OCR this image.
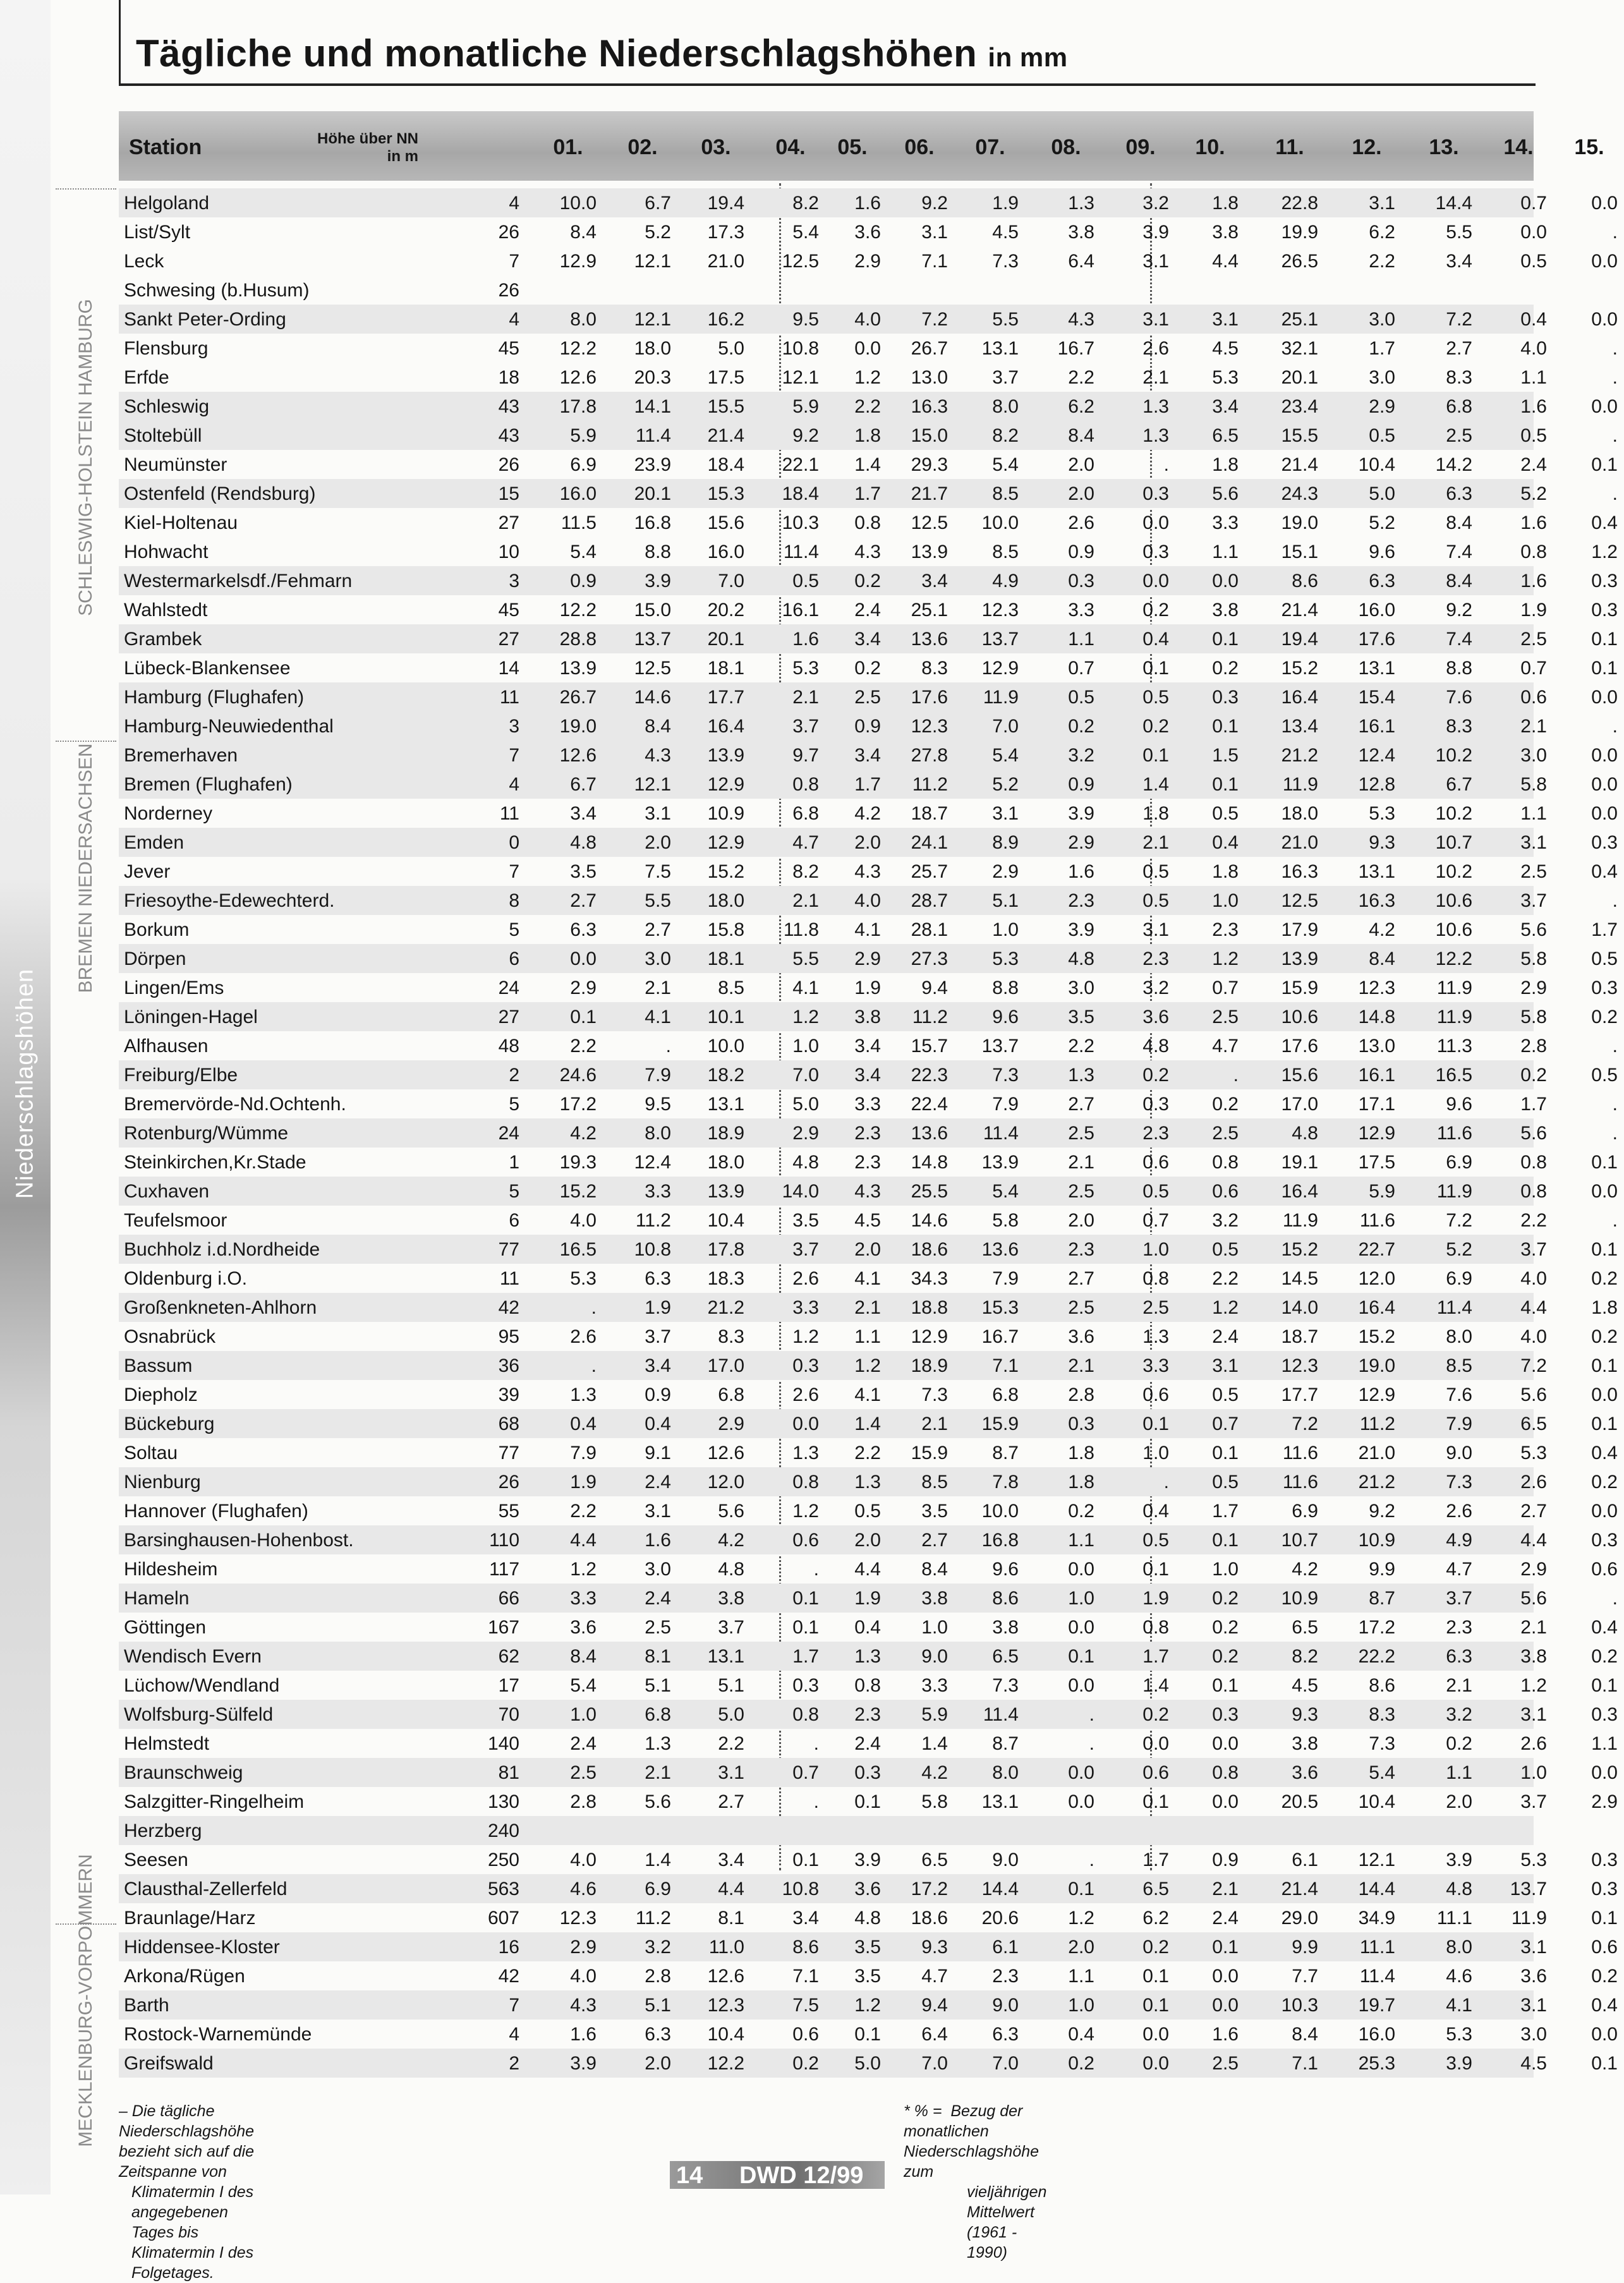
Niederschlagshöhen
Tägliche und monatliche Niederschlagshöhen in mm
Station	Höhe über NN
in m	01.	02.	03.	04.	05.	06.	07.	08.	09.	10.	11.	12.	13.	14.	15.
SCHLESWIG-HOLSTEIN HAMBURG
BREMEN NIEDERSACHSEN
MECKLENBURG-VORPOMMERN
Helgoland	4	10.0	6.7	19.4	8.2	1.6	9.2	1.9	1.3	3.2	1.8	22.8	3.1	14.4	0.7	0.0
List/Sylt	26	8.4	5.2	17.3	5.4	3.6	3.1	4.5	3.8	3.9	3.8	19.9	6.2	5.5	0.0	.
Leck	7	12.9	12.1	21.0	12.5	2.9	7.1	7.3	6.4	3.1	4.4	26.5	2.2	3.4	0.5	0.0
Schwesing (b.Husum)	26
Sankt Peter-Ording	4	8.0	12.1	16.2	9.5	4.0	7.2	5.5	4.3	3.1	3.1	25.1	3.0	7.2	0.4	0.0
Flensburg	45	12.2	18.0	5.0	10.8	0.0	26.7	13.1	16.7	2.6	4.5	32.1	1.7	2.7	4.0	.
Erfde	18	12.6	20.3	17.5	12.1	1.2	13.0	3.7	2.2	2.1	5.3	20.1	3.0	8.3	1.1	.
Schleswig	43	17.8	14.1	15.5	5.9	2.2	16.3	8.0	6.2	1.3	3.4	23.4	2.9	6.8	1.6	0.0
Stoltebüll	43	5.9	11.4	21.4	9.2	1.8	15.0	8.2	8.4	1.3	6.5	15.5	0.5	2.5	0.5	.
Neumünster	26	6.9	23.9	18.4	22.1	1.4	29.3	5.4	2.0	.	1.8	21.4	10.4	14.2	2.4	0.1
Ostenfeld (Rendsburg)	15	16.0	20.1	15.3	18.4	1.7	21.7	8.5	2.0	0.3	5.6	24.3	5.0	6.3	5.2	.
Kiel-Holtenau	27	11.5	16.8	15.6	10.3	0.8	12.5	10.0	2.6	0.0	3.3	19.0	5.2	8.4	1.6	0.4
Hohwacht	10	5.4	8.8	16.0	11.4	4.3	13.9	8.5	0.9	0.3	1.1	15.1	9.6	7.4	0.8	1.2
Westermarkelsdf./Fehmarn	3	0.9	3.9	7.0	0.5	0.2	3.4	4.9	0.3	0.0	0.0	8.6	6.3	8.4	1.6	0.3
Wahlstedt	45	12.2	15.0	20.2	16.1	2.4	25.1	12.3	3.3	0.2	3.8	21.4	16.0	9.2	1.9	0.3
Grambek	27	28.8	13.7	20.1	1.6	3.4	13.6	13.7	1.1	0.4	0.1	19.4	17.6	7.4	2.5	0.1
Lübeck-Blankensee	14	13.9	12.5	18.1	5.3	0.2	8.3	12.9	0.7	0.1	0.2	15.2	13.1	8.8	0.7	0.1
Hamburg (Flughafen)	11	26.7	14.6	17.7	2.1	2.5	17.6	11.9	0.5	0.5	0.3	16.4	15.4	7.6	0.6	0.0
Hamburg-Neuwiedenthal	3	19.0	8.4	16.4	3.7	0.9	12.3	7.0	0.2	0.2	0.1	13.4	16.1	8.3	2.1	.
Bremerhaven	7	12.6	4.3	13.9	9.7	3.4	27.8	5.4	3.2	0.1	1.5	21.2	12.4	10.2	3.0	0.0
Bremen (Flughafen)	4	6.7	12.1	12.9	0.8	1.7	11.2	5.2	0.9	1.4	0.1	11.9	12.8	6.7	5.8	0.0
Norderney	11	3.4	3.1	10.9	6.8	4.2	18.7	3.1	3.9	1.8	0.5	18.0	5.3	10.2	1.1	0.0
Emden	0	4.8	2.0	12.9	4.7	2.0	24.1	8.9	2.9	2.1	0.4	21.0	9.3	10.7	3.1	0.3
Jever	7	3.5	7.5	15.2	8.2	4.3	25.7	2.9	1.6	0.5	1.8	16.3	13.1	10.2	2.5	0.4
Friesoythe-Edewechterd.	8	2.7	5.5	18.0	2.1	4.0	28.7	5.1	2.3	0.5	1.0	12.5	16.3	10.6	3.7	.
Borkum	5	6.3	2.7	15.8	11.8	4.1	28.1	1.0	3.9	3.1	2.3	17.9	4.2	10.6	5.6	1.7
Dörpen	6	0.0	3.0	18.1	5.5	2.9	27.3	5.3	4.8	2.3	1.2	13.9	8.4	12.2	5.8	0.5
Lingen/Ems	24	2.9	2.1	8.5	4.1	1.9	9.4	8.8	3.0	3.2	0.7	15.9	12.3	11.9	2.9	0.3
Löningen-Hagel	27	0.1	4.1	10.1	1.2	3.8	11.2	9.6	3.5	3.6	2.5	10.6	14.8	11.9	5.8	0.2
Alfhausen	48	2.2	.	10.0	1.0	3.4	15.7	13.7	2.2	4.8	4.7	17.6	13.0	11.3	2.8	.
Freiburg/Elbe	2	24.6	7.9	18.2	7.0	3.4	22.3	7.3	1.3	0.2	.	15.6	16.1	16.5	0.2	0.5
Bremervörde-Nd.Ochtenh.	5	17.2	9.5	13.1	5.0	3.3	22.4	7.9	2.7	0.3	0.2	17.0	17.1	9.6	1.7	.
Rotenburg/Wümme	24	4.2	8.0	18.9	2.9	2.3	13.6	11.4	2.5	2.3	2.5	4.8	12.9	11.6	5.6	.
Steinkirchen,Kr.Stade	1	19.3	12.4	18.0	4.8	2.3	14.8	13.9	2.1	0.6	0.8	19.1	17.5	6.9	0.8	0.1
Cuxhaven	5	15.2	3.3	13.9	14.0	4.3	25.5	5.4	2.5	0.5	0.6	16.4	5.9	11.9	0.8	0.0
Teufelsmoor	6	4.0	11.2	10.4	3.5	4.5	14.6	5.8	2.0	0.7	3.2	11.9	11.6	7.2	2.2	.
Buchholz i.d.Nordheide	77	16.5	10.8	17.8	3.7	2.0	18.6	13.6	2.3	1.0	0.5	15.2	22.7	5.2	3.7	0.1
Oldenburg i.O.	11	5.3	6.3	18.3	2.6	4.1	34.3	7.9	2.7	0.8	2.2	14.5	12.0	6.9	4.0	0.2
Großenkneten-Ahlhorn	42	.	1.9	21.2	3.3	2.1	18.8	15.3	2.5	2.5	1.2	14.0	16.4	11.4	4.4	1.8
Osnabrück	95	2.6	3.7	8.3	1.2	1.1	12.9	16.7	3.6	1.3	2.4	18.7	15.2	8.0	4.0	0.2
Bassum	36	.	3.4	17.0	0.3	1.2	18.9	7.1	2.1	3.3	3.1	12.3	19.0	8.5	7.2	0.1
Diepholz	39	1.3	0.9	6.8	2.6	4.1	7.3	6.8	2.8	0.6	0.5	17.7	12.9	7.6	5.6	0.0
Bückeburg	68	0.4	0.4	2.9	0.0	1.4	2.1	15.9	0.3	0.1	0.7	7.2	11.2	7.9	6.5	0.1
Soltau	77	7.9	9.1	12.6	1.3	2.2	15.9	8.7	1.8	1.0	0.1	11.6	21.0	9.0	5.3	0.4
Nienburg	26	1.9	2.4	12.0	0.8	1.3	8.5	7.8	1.8	.	0.5	11.6	21.2	7.3	2.6	0.2
Hannover (Flughafen)	55	2.2	3.1	5.6	1.2	0.5	3.5	10.0	0.2	0.4	1.7	6.9	9.2	2.6	2.7	0.0
Barsinghausen-Hohenbost.	110	4.4	1.6	4.2	0.6	2.0	2.7	16.8	1.1	0.5	0.1	10.7	10.9	4.9	4.4	0.3
Hildesheim	117	1.2	3.0	4.8	.	4.4	8.4	9.6	0.0	0.1	1.0	4.2	9.9	4.7	2.9	0.6
Hameln	66	3.3	2.4	3.8	0.1	1.9	3.8	8.6	1.0	1.9	0.2	10.9	8.7	3.7	5.6	.
Göttingen	167	3.6	2.5	3.7	0.1	0.4	1.0	3.8	0.0	0.8	0.2	6.5	17.2	2.3	2.1	0.4
Wendisch Evern	62	8.4	8.1	13.1	1.7	1.3	9.0	6.5	0.1	1.7	0.2	8.2	22.2	6.3	3.8	0.2
Lüchow/Wendland	17	5.4	5.1	5.1	0.3	0.8	3.3	7.3	0.0	1.4	0.1	4.5	8.6	2.1	1.2	0.1
Wolfsburg-Sülfeld	70	1.0	6.8	5.0	0.8	2.3	5.9	11.4	.	0.2	0.3	9.3	8.3	3.2	3.1	0.3
Helmstedt	140	2.4	1.3	2.2	.	2.4	1.4	8.7	.	0.0	0.0	3.8	7.3	0.2	2.6	1.1
Braunschweig	81	2.5	2.1	3.1	0.7	0.3	4.2	8.0	0.0	0.6	0.8	3.6	5.4	1.1	1.0	0.0
Salzgitter-Ringelheim	130	2.8	5.6	2.7	.	0.1	5.8	13.1	0.0	0.1	0.0	20.5	10.4	2.0	3.7	2.9
Herzberg	240
Seesen	250	4.0	1.4	3.4	0.1	3.9	6.5	9.0	.	1.7	0.9	6.1	12.1	3.9	5.3	0.3
Clausthal-Zellerfeld	563	4.6	6.9	4.4	10.8	3.6	17.2	14.4	0.1	6.5	2.1	21.4	14.4	4.8	13.7	0.3
Braunlage/Harz	607	12.3	11.2	8.1	3.4	4.8	18.6	20.6	1.2	6.2	2.4	29.0	34.9	11.1	11.9	0.1
Hiddensee-Kloster	16	2.9	3.2	11.0	8.6	3.5	9.3	6.1	2.0	0.2	0.1	9.9	11.1	8.0	3.1	0.6
Arkona/Rügen	42	4.0	2.8	12.6	7.1	3.5	4.7	2.3	1.1	0.1	0.0	7.7	11.4	4.6	3.6	0.2
Barth	7	4.3	5.1	12.3	7.5	1.2	9.4	9.0	1.0	0.1	0.0	10.3	19.7	4.1	3.1	0.4
Rostock-Warnemünde	4	1.6	6.3	10.4	0.6	0.1	6.4	6.3	0.4	0.0	1.6	8.4	16.0	5.3	3.0	0.0
Greifswald	2	3.9	2.0	12.2	0.2	5.0	7.0	7.0	0.2	0.0	2.5	7.1	25.3	3.9	4.5	0.1
– Die tägliche Niederschlagshöhe bezieht sich auf die Zeitspanne von
Klimatermin I des angegebenen Tages bis Klimatermin I des Folgetages.
* % = Bezug der monatlichen Niederschlagshöhe zum
vieljährigen Mittelwert (1961 - 1990)
14 DWD 12/99
